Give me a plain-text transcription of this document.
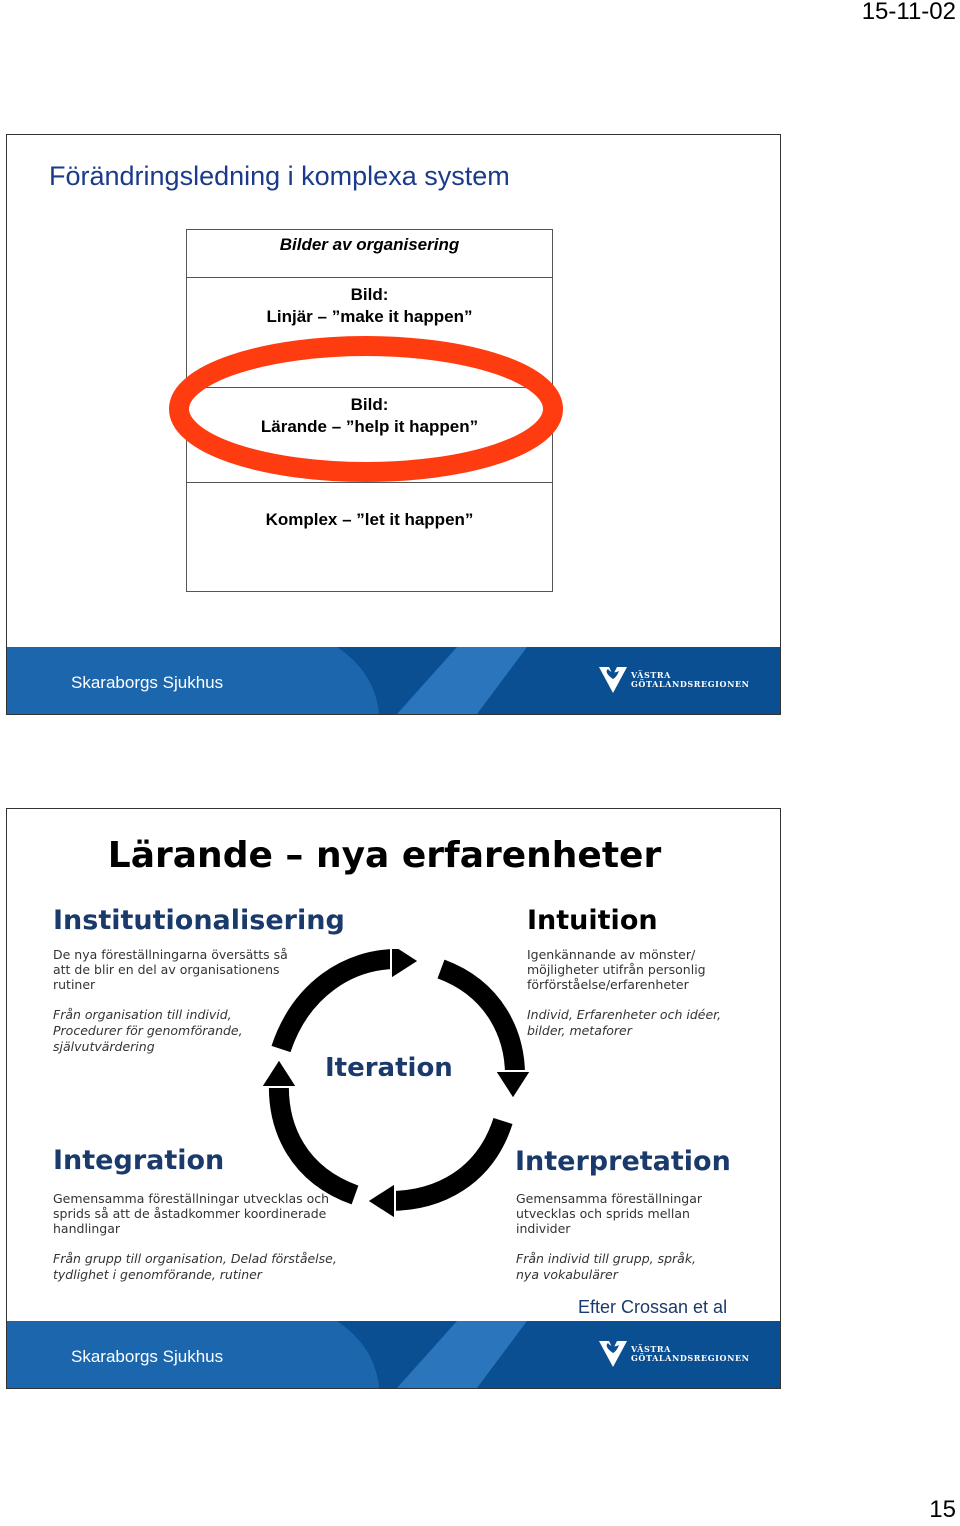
15-11-02
Förändringsledning i komplexa system
Bilder av organisering
Bild:
Linjär – ”make it happen”
Bild:
Lärande – ”help it happen”
Komplex – ”let it happen”
Skaraborgs Sjukhus	VÄSTRA
GÖTALANDSREGIONEN
Lärande – nya erfarenheter
Institutionalisering
De nya föreställningarna översätts så
att de blir en del av organisationens
rutiner
Från organisation till individ,
Procedurer för genomförande,
självutvärdering
Intuition
Igenkännande av mönster/
möjligheter utifrån personlig
förförståelse/erfarenheter
Individ, Erfarenheter och idéer,
bilder, metaforer
Integration
Gemensamma föreställningar utvecklas och
sprids så att de åstadkommer koordinerade
handlingar
Från grupp till organisation, Delad förståelse,
tydlighet i genomförande, rutiner
Interpretation
Gemensamma föreställningar
utvecklas och sprids mellan
individer
Från individ till grupp, språk,
nya vokabulärer
Iteration
Efter Crossan et al
Skaraborgs Sjukhus	VÄSTRA
GÖTALANDSREGIONEN
15
